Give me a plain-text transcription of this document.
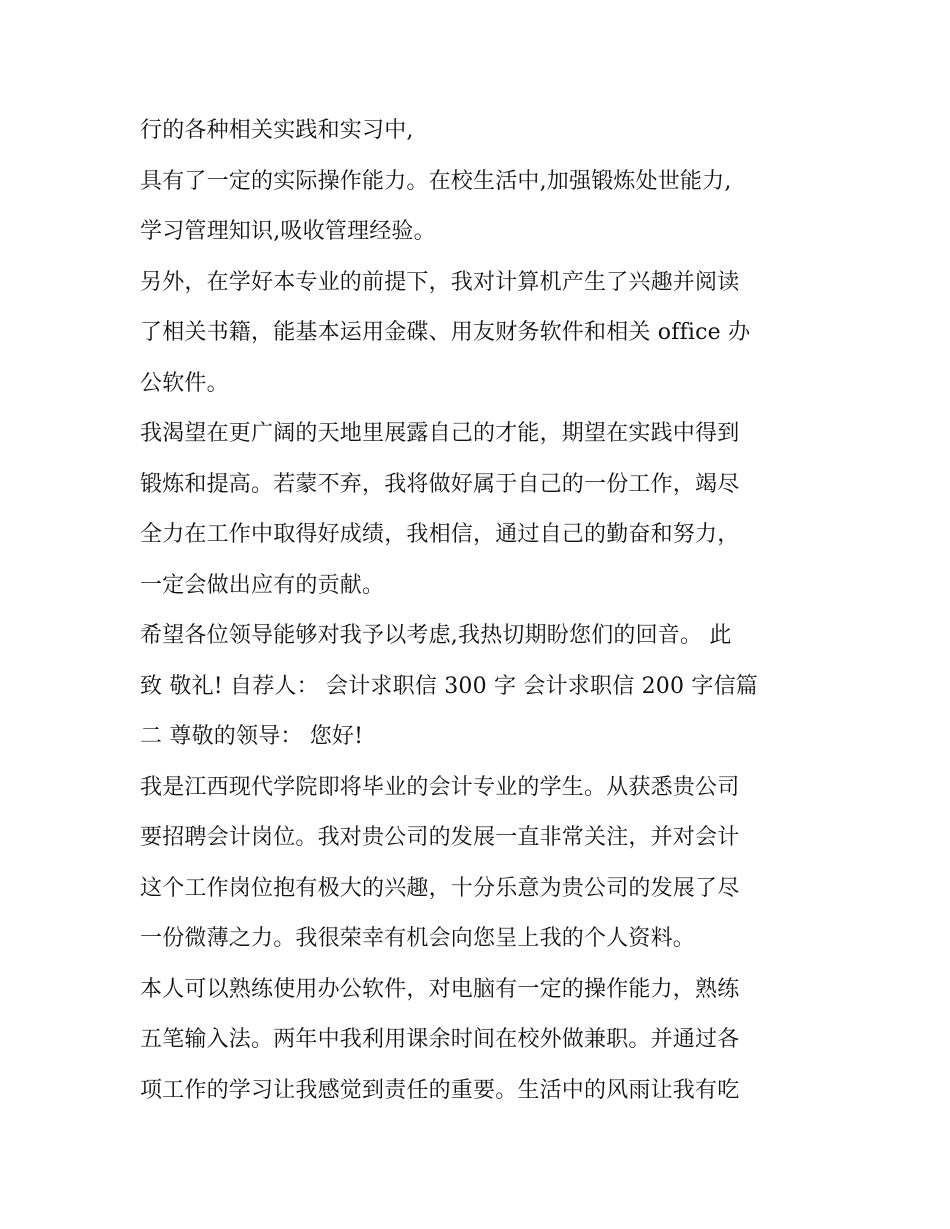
行的各种相关实践和实习中,
具有了一定的实际操作能力。在校生活中,加强锻炼处世能力,
学习管理知识,吸收管理经验。
另外，在学好本专业的前提下，我对计算机产生了兴趣并阅读
了相关书籍，能基本运用金碟、用友财务软件和相关 office 办
公软件。
我渴望在更广阔的天地里展露自己的才能，期望在实践中得到
锻炼和提高。若蒙不弃，我将做好属于自己的一份工作，竭尽
全力在工作中取得好成绩，我相信，通过自己的勤奋和努力，
一定会做出应有的贡献。
希望各位领导能够对我予以考虑,我热切期盼您们的回音。 此
致 敬礼! 自荐人： 会计求职信 300 字 会计求职信 200 字信篇
二 尊敬的领导： 您好!
我是江西现代学院即将毕业的会计专业的学生。从获悉贵公司
要招聘会计岗位。我对贵公司的发展一直非常关注，并对会计
这个工作岗位抱有极大的兴趣，十分乐意为贵公司的发展了尽
一份微薄之力。我很荣幸有机会向您呈上我的个人资料。
本人可以熟练使用办公软件，对电脑有一定的操作能力，熟练
五笔输入法。两年中我利用课余时间在校外做兼职。并通过各
项工作的学习让我感觉到责任的重要。生活中的风雨让我有吃
